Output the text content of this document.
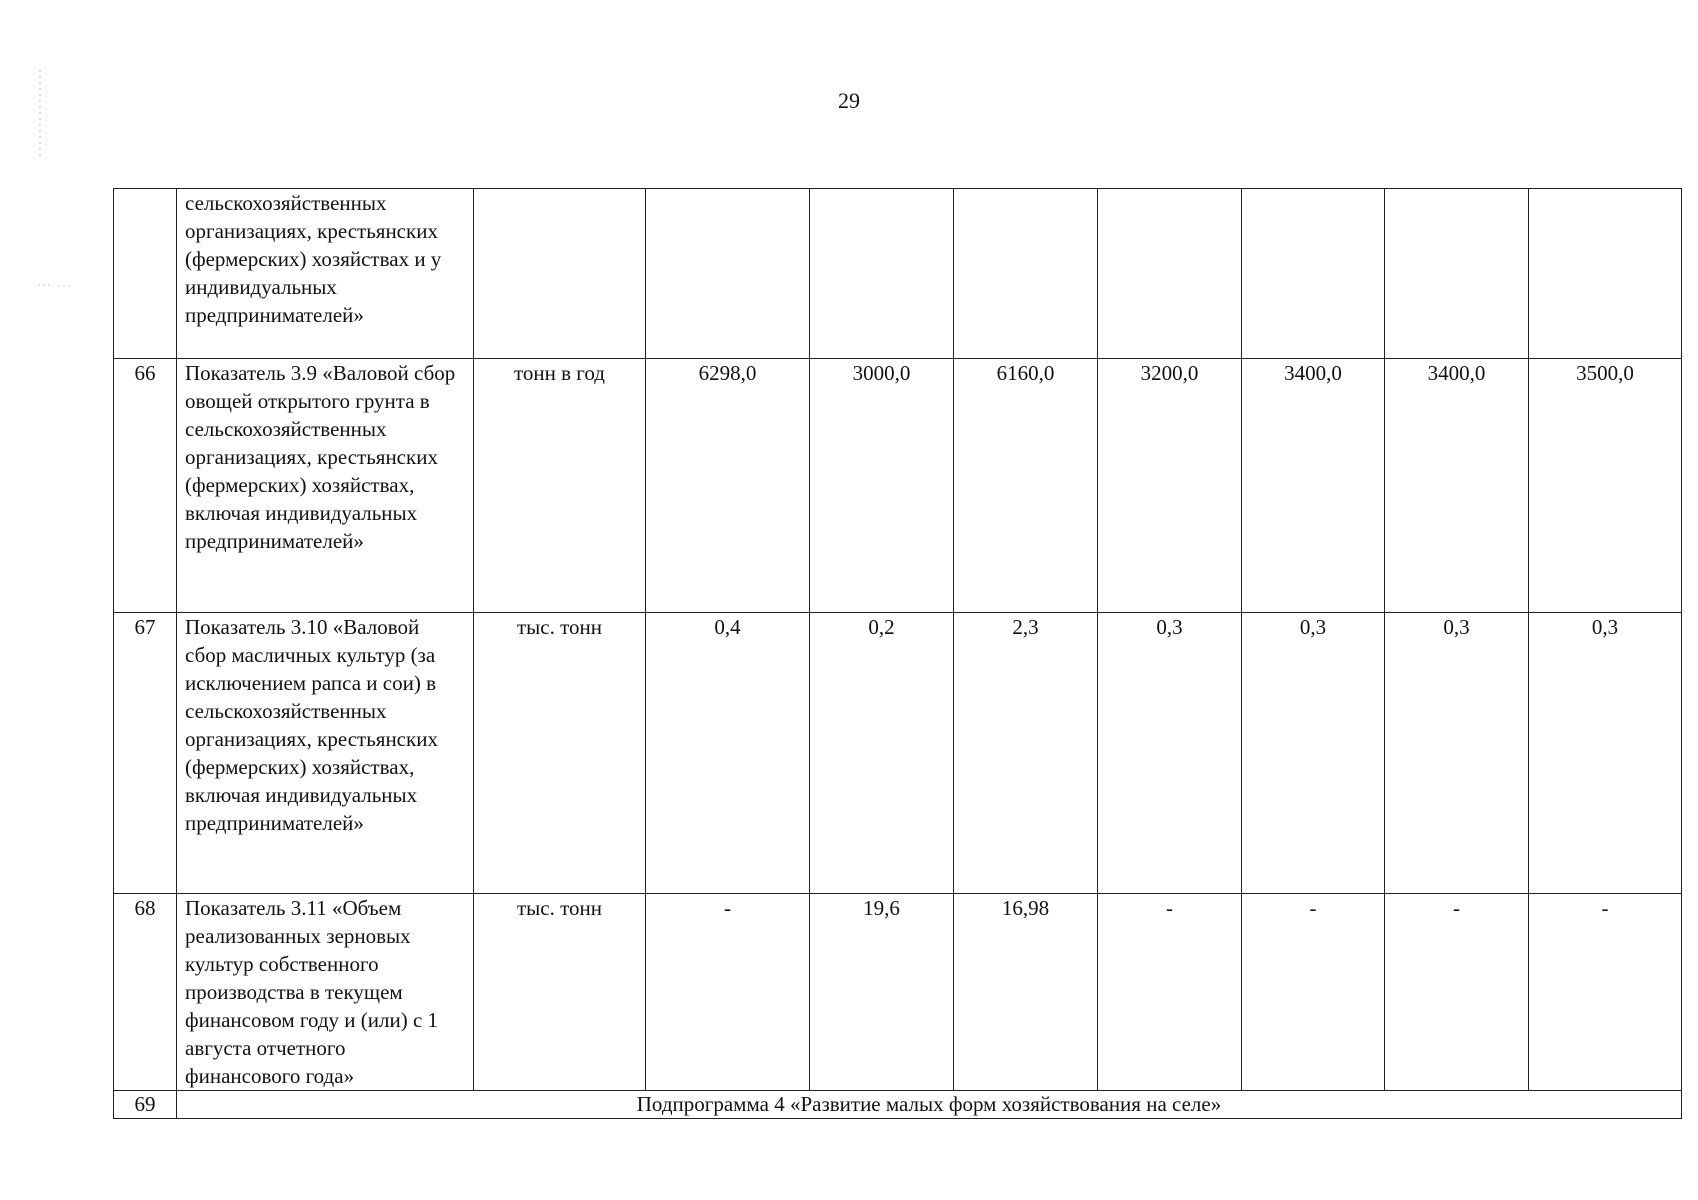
29
	сельскохозяйственных организациях, крестьянских (фермерских) хозяйствах и у индивидуальных предпринимателей»								
66	Показатель 3.9 «Валовой сбор овощей открытого грунта в сельскохозяйственных организациях, крестьянских (фермерских) хозяйствах, включая индивидуальных предпринимателей»	тонн в год	6298,0	3000,0	6160,0	3200,0	3400,0	3400,0	3500,0
67	Показатель 3.10 «Валовой сбор масличных культур (за исключением рапса и сои) в сельскохозяйственных организациях, крестьянских (фермерских) хозяйствах, включая индивидуальных предпринимателей»	тыс. тонн	0,4	0,2	2,3	0,3	0,3	0,3	0,3
68	Показатель 3.11 «Объем реализованных зерновых культур собственного производства в текущем финансовом году и (или) с 1 августа отчетного финансового года»	тыс. тонн	-	19,6	16,98	-	-	-	-
69	Подпрограмма 4 «Развитие малых форм хозяйствования на селе»								
